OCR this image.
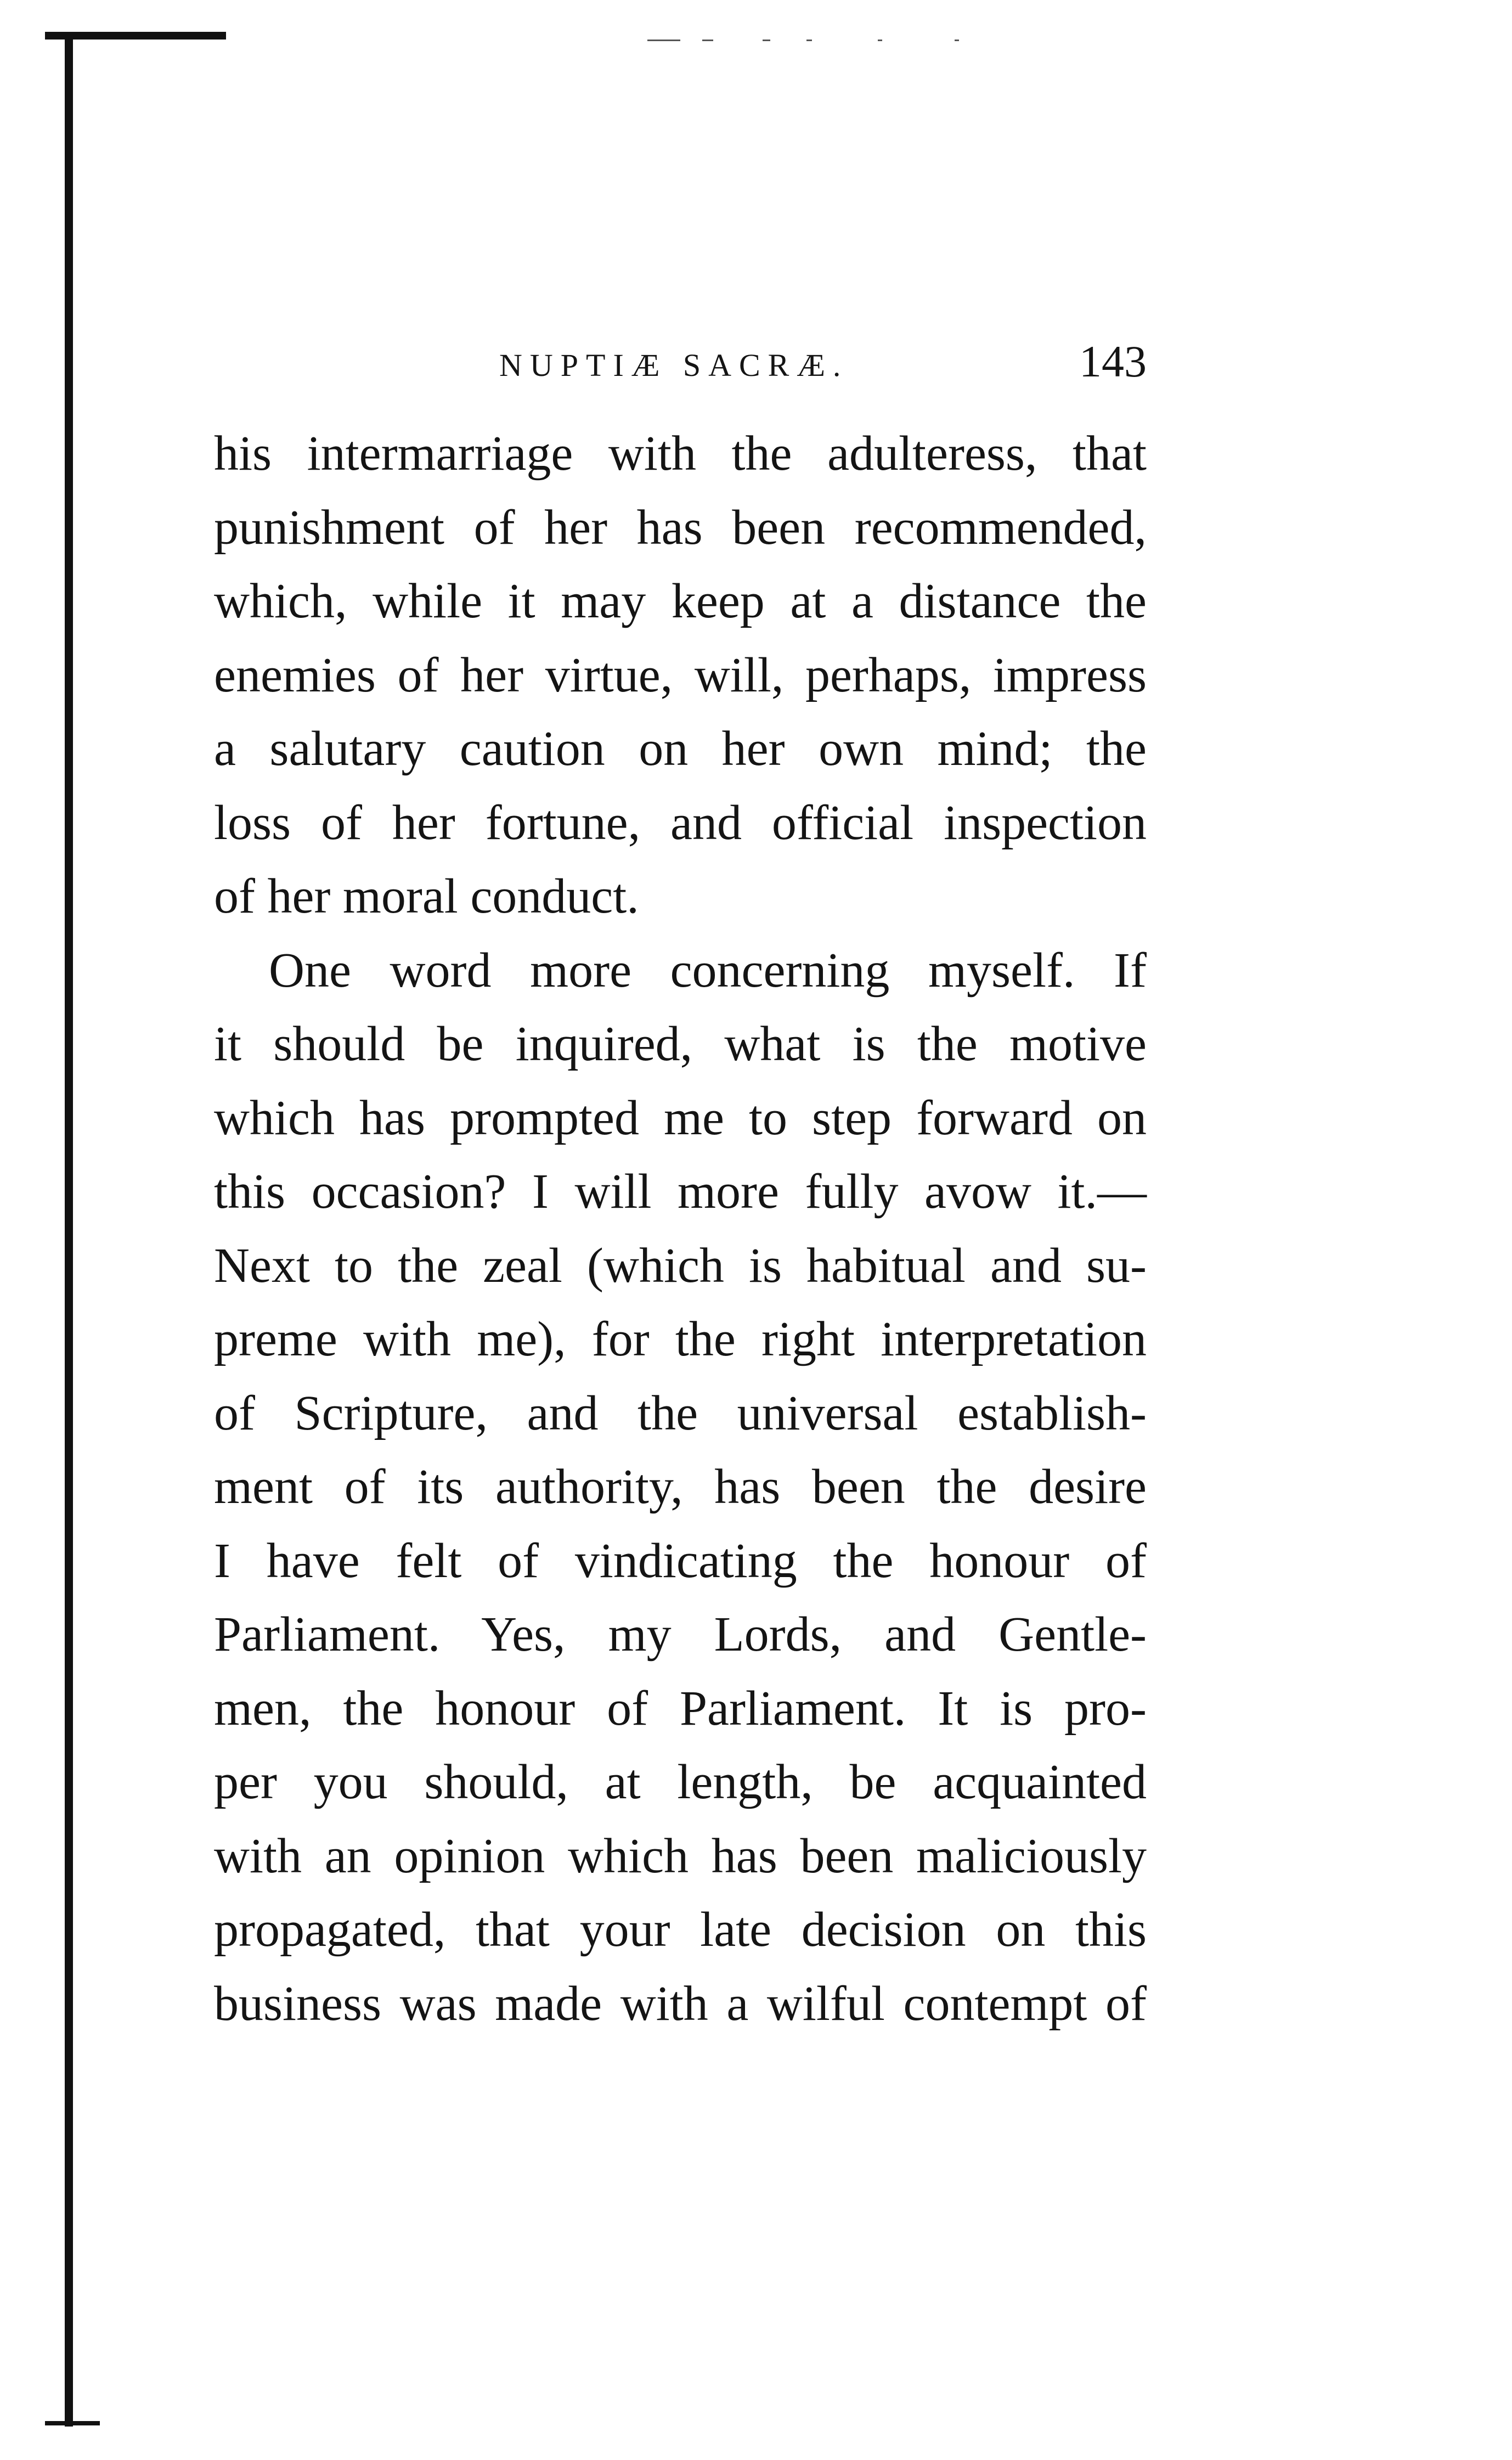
NUPTIÆ SACRÆ.	143
his intermarriage with the adulteress, that
punishment of her has been recommended,
which, while it may keep at a distance the
enemies of her virtue, will, perhaps, impress
a salutary caution on her own mind; the
loss of her fortune, and official inspection
of her moral conduct.
One word more concerning myself. If
it should be inquired, what is the motive
which has prompted me to step forward on
this occasion? I will more fully avow it.—
Next to the zeal (which is habitual and su-
preme with me), for the right interpretation
of Scripture, and the universal establish-
ment of its authority, has been the desire
I have felt of vindicating the honour of
Parliament. Yes, my Lords, and Gentle-
men, the honour of Parliament. It is pro-
per you should, at length, be acquainted
with an opinion which has been maliciously
propagated, that your late decision on this
business was made with a wilful contempt of
